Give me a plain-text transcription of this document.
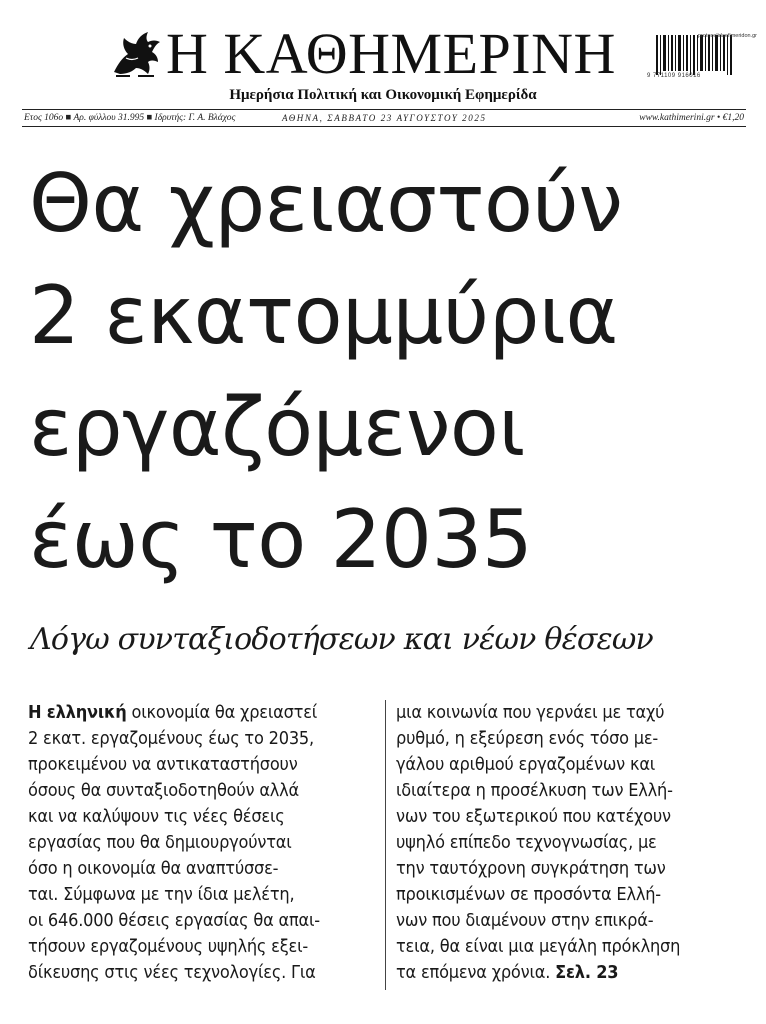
Η ΚΑΘΗΜΕΡΙΝΗ
Ημερήσια Πολιτική και Οικονομική Εφημερίδα
protoselidaefimeridon.gr
9 771109 916016
Ετος 106ο ■ Αρ. φύλλου 31.995 ■ Ιδρυτής: Γ. Α. Βλάχος	ΑΘΗΝΑ, ΣΑΒΒΑΤΟ 23 ΑΥΓΟΥΣΤΟΥ 2025	www.kathimerini.gr • €1,20
Θα χρειαστούν
2 εκατομμύρια
εργαζόμενοι
έως το 2035
Λόγω συνταξιοδοτήσεων και νέων θέσεων
Η ελληνική οικονομία θα χρειαστεί
2 εκατ. εργαζομένους έως το 2035,
προκειμένου να αντικαταστήσουν
όσους θα συνταξιοδοτηθούν αλλά
και να καλύψουν τις νέες θέσεις
εργασίας που θα δημιουργούνται
όσο η οικονομία θα αναπτύσσε-
ται. Σύμφωνα με την ίδια μελέτη,
οι 646.000 θέσεις εργασίας θα απαι-
τήσουν εργαζομένους υψηλής εξει-
δίκευσης στις νέες τεχνολογίες. Για
μια κοινωνία που γερνάει με ταχύ
ρυθμό, η εξεύρεση ενός τόσο με-
γάλου αριθμού εργαζομένων και
ιδιαίτερα η προσέλκυση των Ελλή-
νων του εξωτερικού που κατέχουν
υψηλό επίπεδο τεχνογνωσίας, με
την ταυτόχρονη συγκράτηση των
προικισμένων σε προσόντα Ελλή-
νων που διαμένουν στην επικρά-
τεια, θα είναι μια μεγάλη πρόκληση
τα επόμενα χρόνια. Σελ. 23
